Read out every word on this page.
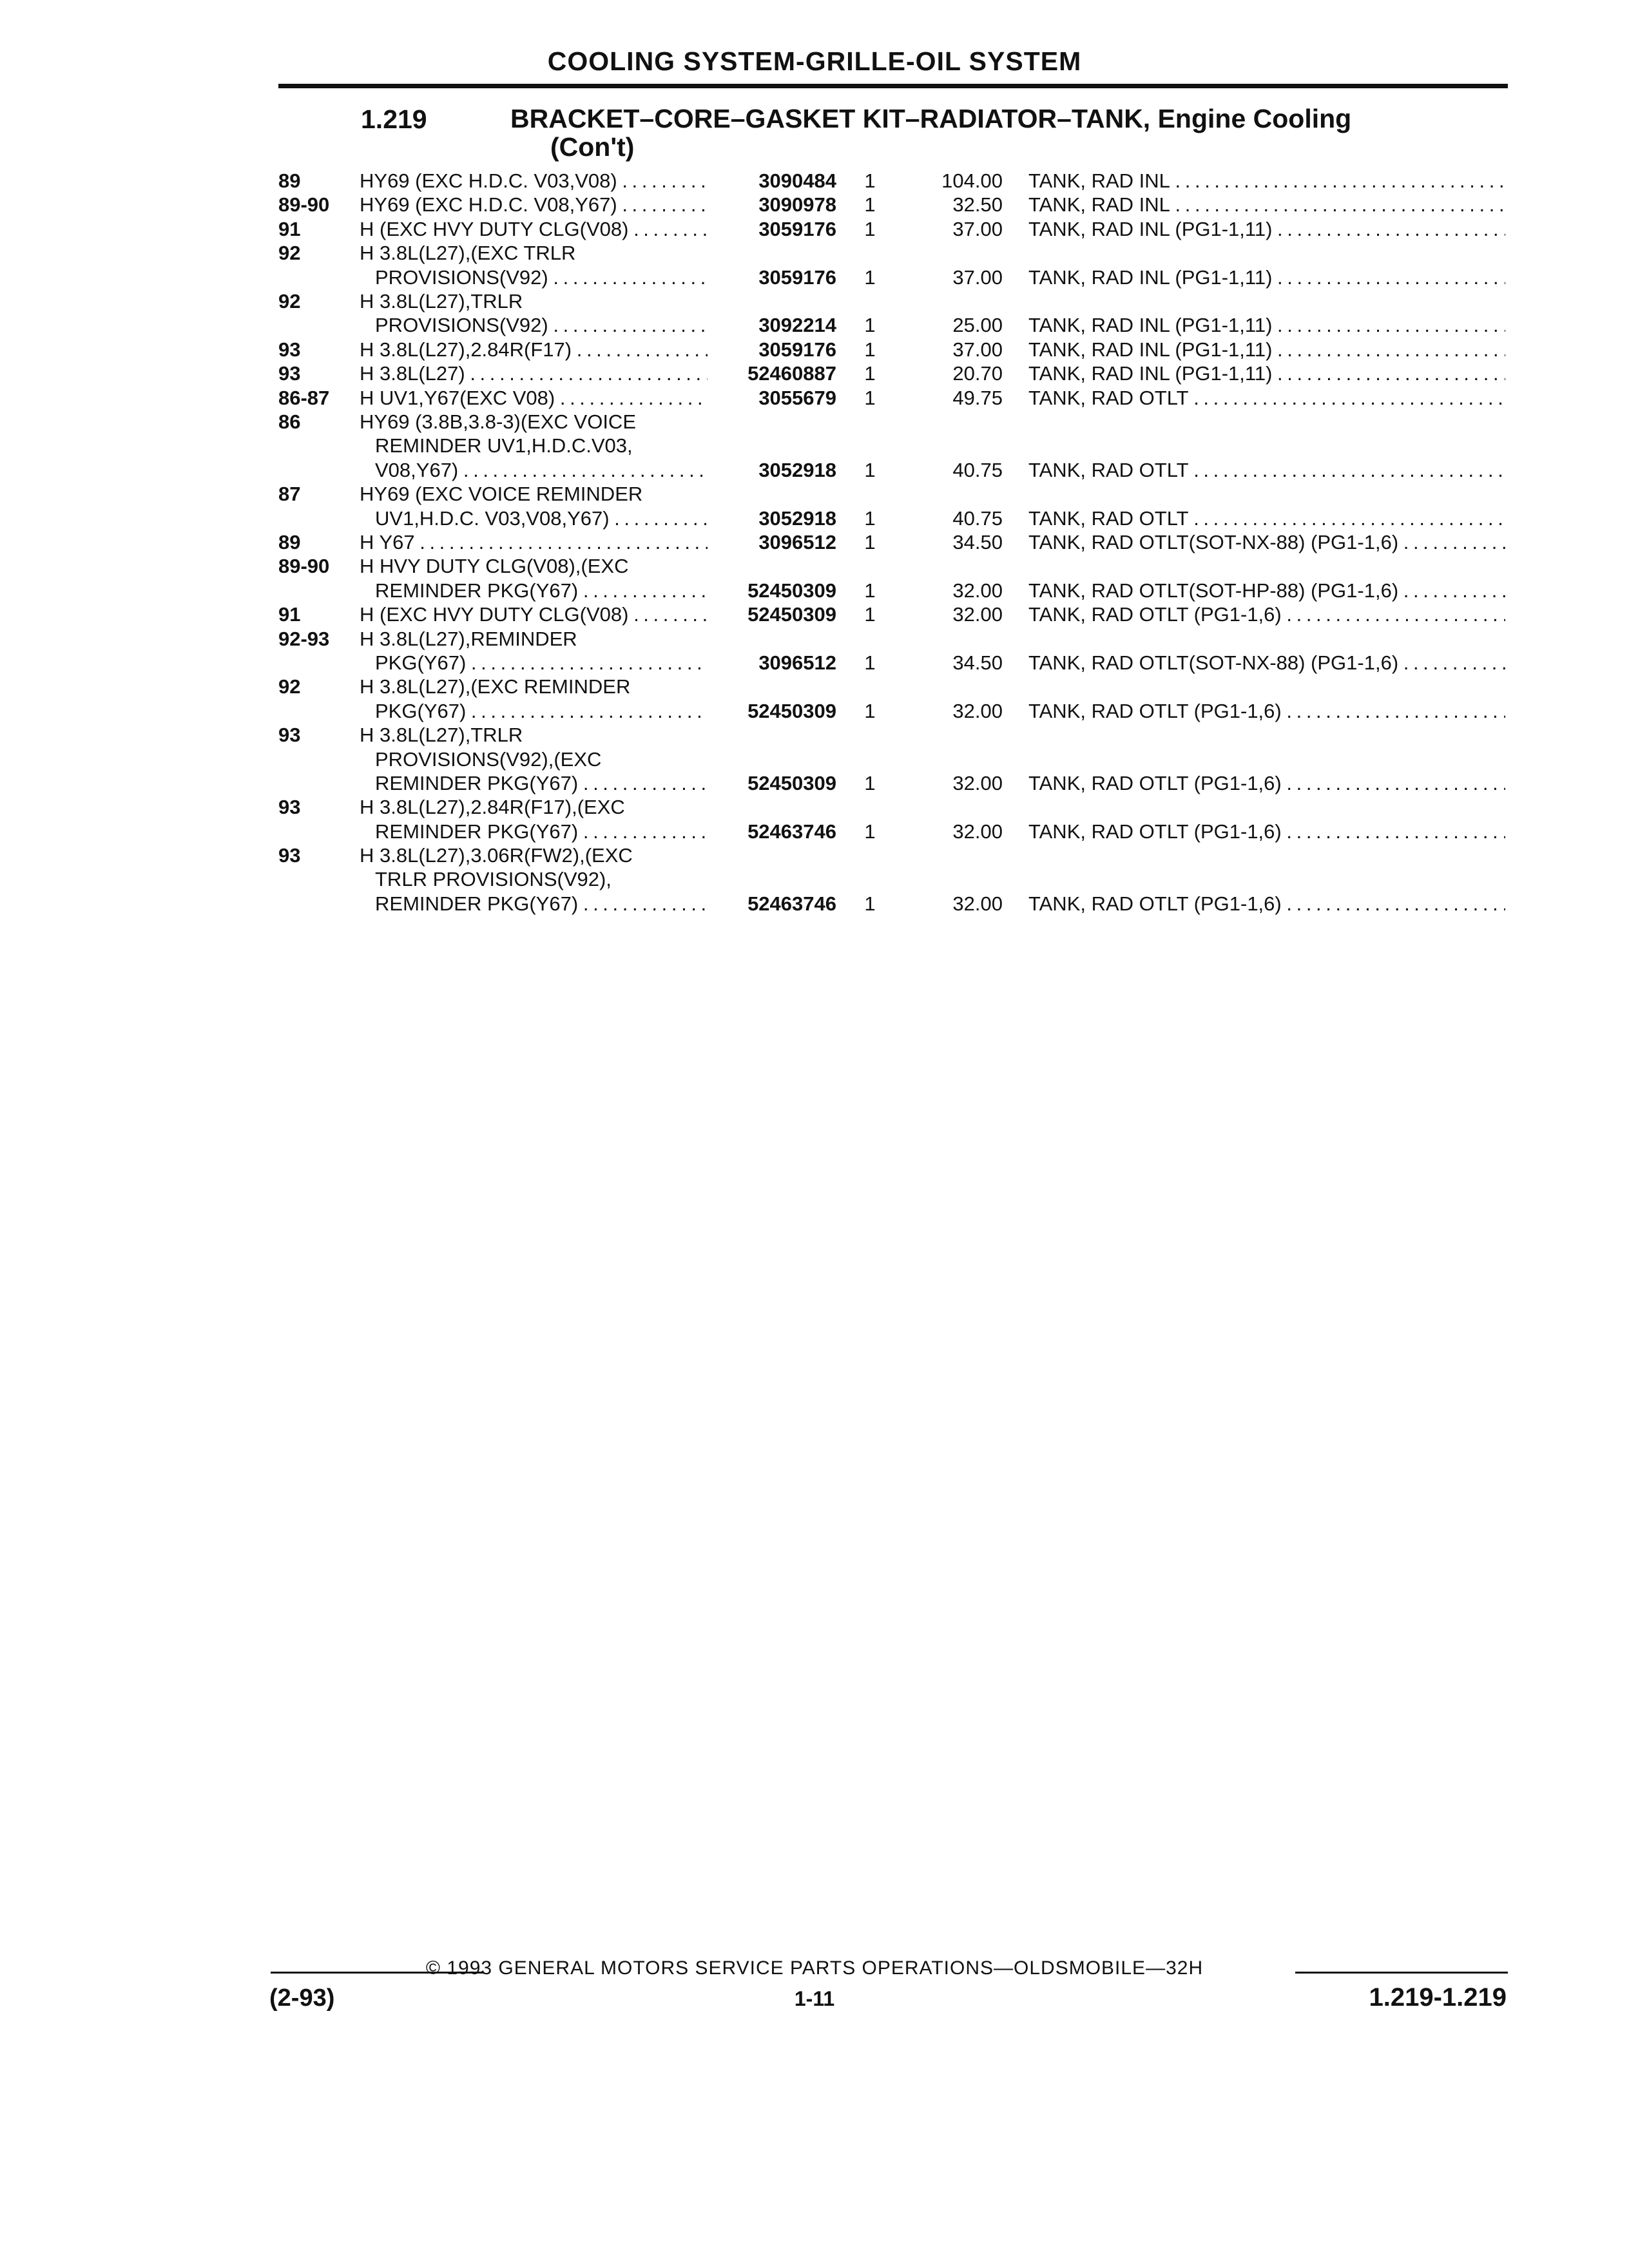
COOLING SYSTEM-GRILLE-OIL SYSTEM
1.219	BRACKET–CORE–GASKET KIT–RADIATOR–TANK, Engine Cooling
(Con't)
89	HY69 (EXC H.D.C. V03,V08) . . .	3090484	1	104.00 TANK, RAD INL . . .
89-90 HY69 (EXC H.D.C. V08,Y67) . . .	3090978	1	32.50 TANK, RAD INL . . .
91	H (EXC HVY DUTY CLG(V08) . . .	3059176	1	37.00 TANK, RAD INL (PG1-1,11) . . .
92	H 3.8L(L27),(EXC TRLR
PROVISIONS(V92) . . .	3059176	1	37.00 TANK, RAD INL (PG1-1,11) . . .
92	H 3.8L(L27),TRLR
PROVISIONS(V92) . . .	3092214	1	25.00 TANK, RAD INL (PG1-1,11) . . .
93	H 3.8L(L27),2.84R(F17) . . .	3059176	1	37.00 TANK, RAD INL (PG1-1,11) . . .
93	H 3.8L(L27) . . .	52460887	1	20.70 TANK, RAD INL (PG1-1,11) . . .
86-87 H UV1,Y67(EXC V08) . . .	3055679	1	49.75 TANK, RAD OTLT . . .
86	HY69 (3.8B,3.8-3)(EXC VOICE
REMINDER UV1,H.D.C.V03,
V08,Y67) . . .	3052918	1	40.75 TANK, RAD OTLT . . .
87	HY69 (EXC VOICE REMINDER
UV1,H.D.C. V03,V08,Y67) . . .	3052918	1	40.75 TANK, RAD OTLT . . .
89	H Y67 . . .	3096512	1	34.50 TANK, RAD OTLT(SOT-NX-88) (PG1-1,6) . . .
89-90 H HVY DUTY CLG(V08),(EXC
REMINDER PKG(Y67) . . .	52450309	1	32.00 TANK, RAD OTLT(SOT-HP-88) (PG1-1,6) . . .
91	H (EXC HVY DUTY CLG(V08) . . .	52450309	1	32.00 TANK, RAD OTLT (PG1-1,6) . . .
92-93 H 3.8L(L27),REMINDER
PKG(Y67) . . .	3096512	1	34.50 TANK, RAD OTLT(SOT-NX-88) (PG1-1,6) . . .
92	H 3.8L(L27),(EXC REMINDER
PKG(Y67) . . .	52450309	1	32.00 TANK, RAD OTLT (PG1-1,6) . . .
93	H 3.8L(L27),TRLR
PROVISIONS(V92),(EXC
REMINDER PKG(Y67) . . .	52450309	1	32.00 TANK, RAD OTLT (PG1-1,6) . . .
93	H 3.8L(L27),2.84R(F17),(EXC
REMINDER PKG(Y67) . . .	52463746	1	32.00 TANK, RAD OTLT (PG1-1,6) . . .
93	H 3.8L(L27),3.06R(FW2),(EXC
TRLR PROVISIONS(V92),
REMINDER PKG(Y67) . . .	52463746	1	32.00 TANK, RAD OTLT (PG1-1,6) . . .
© 1993 GENERAL MOTORS SERVICE PARTS OPERATIONS—OLDSMOBILE—32H
(2-93)	1-11	1.219-1.219
